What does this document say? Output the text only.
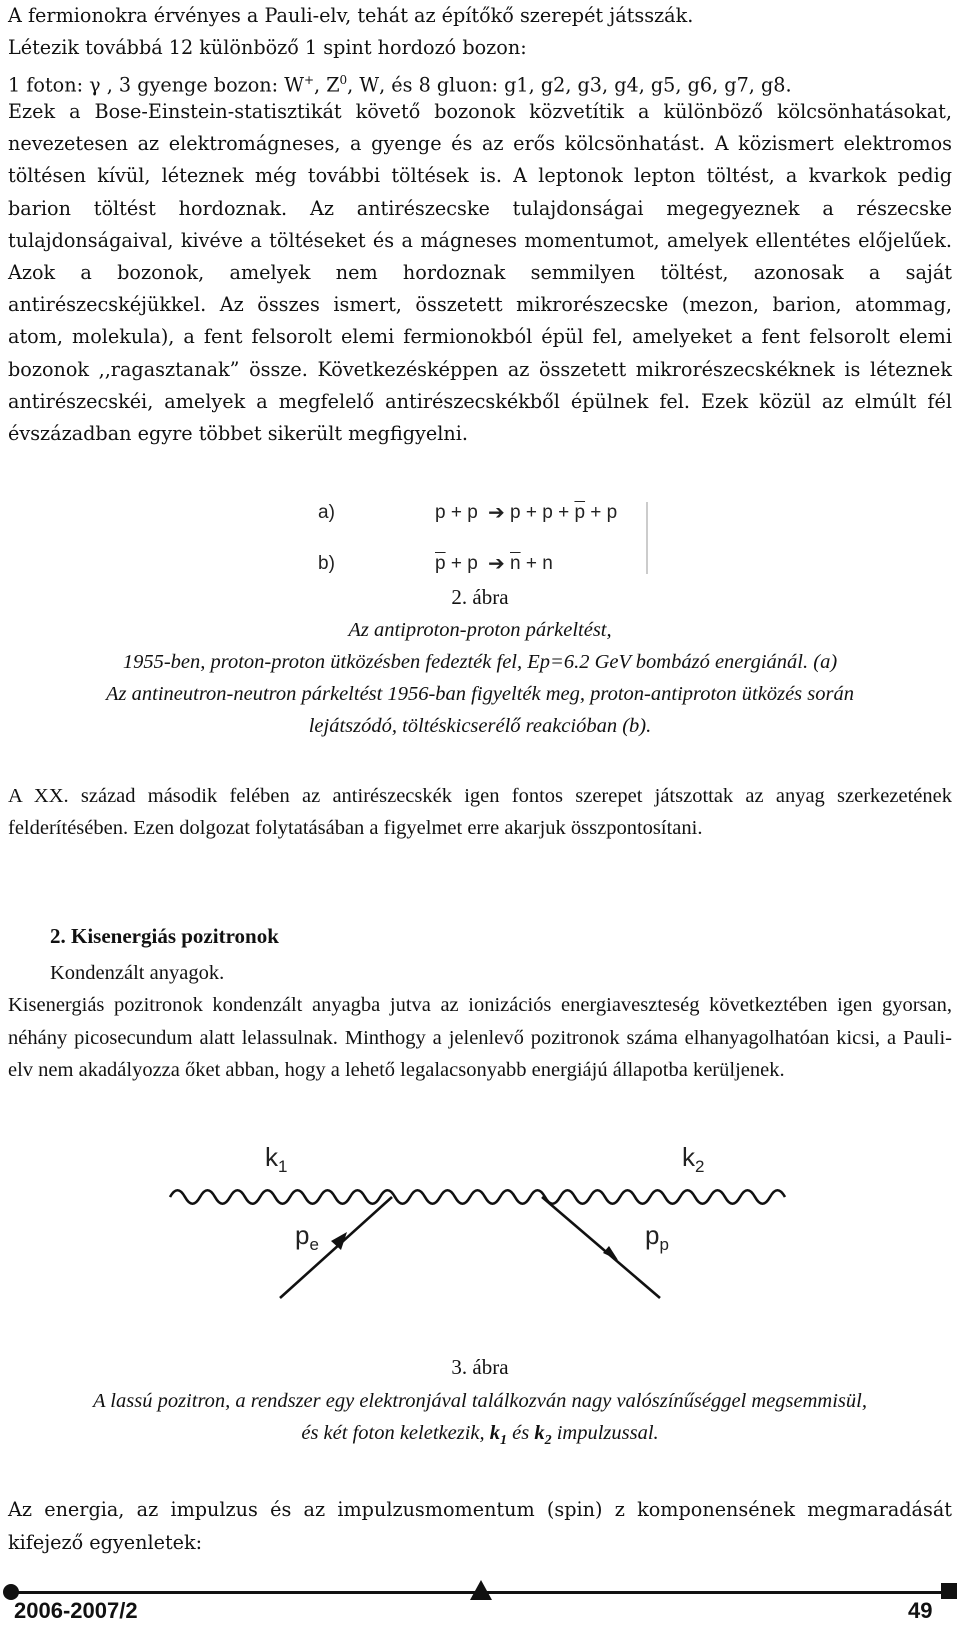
A fermionokra érvényes a Pauli-elv, tehát az építőkő szerepét játsszák.

Létezik továbbá 12 különböző 1 spint hordozó bozon:

1 foton: γ , 3 gyenge bozon: W+, $Z^0$, W, és 8 gluon: g1, g2, g3, g4, g5, g6, g7, g8.

Ezek a Bose-Einstein-statisztikát követő bozonok közvetítik a különböző kölcsönhatásokat, nevezetesen az elektromágneses, a gyenge és az erős kölcsönhatást. A közismert elektromos töltésen kívül, léteznek még további töltések is. A leptonok lepton töltést, a kvarkok pedig barion töltést hordoznak. Az antirészecske tulajdonságai megegyeznek a részecske tulajdonságaival, kivéve a töltéseket és a mágneses momentumot, amelyek ellentétes előjelűek. Azok a bozonok, amelyek nem hordoznak semmilyen töltést, azonosak a saját antirészecskéjükkel. Az összes ismert, összetett mikrorészecske (mezon, barion, atommag, atom, molekula), a fent felsorolt elemi fermionokból épül fel, amelyeket a fent felsorolt elemi bozonok ,,ragasztanak” össze. Következésképpen az összetett mikrorészecskéknek is léteznek antirészecskéi, amelyek a megfelelő antirészecskékből épülnek fel. Ezek közül az elmúlt fél évszázadban egyre többet sikerült megfigyelni.

a)	p + p ➔ $p + p + \overline{p} + p$
b)	$\overline{p} + p$ ➔ $\overline{n} + n$

2. ábra

Az antiproton-proton párkeltést,

1955-ben, proton-proton ütközésben fedezték fel, Ep=6.2 GeV bombázó energiánál. (a)

Az antineutron-neutron párkeltést 1956-ban figyelték meg, proton-antiproton ütközés során

lejátszódó, töltéskicserélő reakcióban (b).

A XX. század második felében az antirészecskék igen fontos szerepet játszottak az anyag szerkezetének felderítésében. Ezen dolgozat folytatásában a figyelmet erre akarjuk összpontosítani.

2. Kisenergiás pozitronok

Kondenzált anyagok.

Kisenergiás pozitronok kondenzált anyagba jutva az ionizációs energiaveszteség következtében igen gyorsan, néhány picosecundum alatt lelassulnak. Minthogy a jelenlevő pozitronok száma elhanyagolhatóan kicsi, a Pauli-elv nem akadályozza őket abban, hogy a lehető legalacsonyabb energiájú állapotba kerüljenek.

$k_1$	$k_2$
$p_e$	$p_p$

3. ábra

A lassú pozitron, a rendszer egy elektronjával találkozván nagy valószínűséggel megsemmisül,

és két foton keletkezik, $k_1$ és $k_2$ impulzussal.

Az energia, az impulzus és az impulzusmomentum (spin) z komponensének megmaradását kifejező egyenletek:

2006-2007/2	49
